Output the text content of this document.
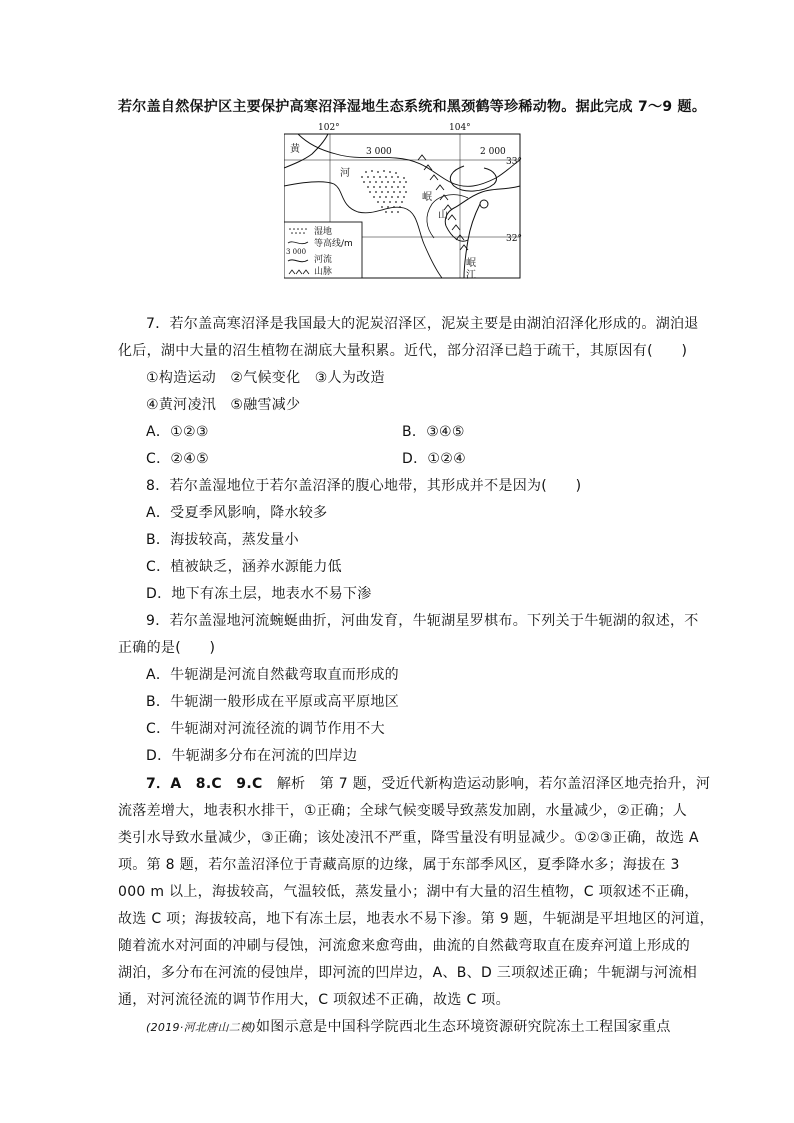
若尔盖自然保护区主要保护高寒沼泽湿地生态系统和黑颈鹤等珍稀动物。据此完成 7～9 题。
102°	104°
33°
32°
3 000	2 000
黄
河
岷
山
岷
江
湿地
等高线/m
3 000
河流
山脉
7．若尔盖高寒沼泽是我国最大的泥炭沼泽区，泥炭主要是由湖泊沼泽化形成的。湖泊退
化后，湖中大量的沼生植物在湖底大量积累。近代，部分沼泽已趋于疏干，其原因有(　　)
①构造运动　②气候变化　③人为改造
④黄河凌汛　⑤融雪减少
A．①②③	B．③④⑤
C．②④⑤	D．①②④
8．若尔盖湿地位于若尔盖沼泽的腹心地带，其形成并不是因为(　　)
A．受夏季风影响，降水较多
B．海拔较高，蒸发量小
C．植被缺乏，涵养水源能力低
D．地下有冻土层，地表水不易下渗
9．若尔盖湿地河流蜿蜒曲折，河曲发育，牛轭湖星罗棋布。下列关于牛轭湖的叙述，不
正确的是(　　)
A．牛轭湖是河流自然截弯取直而形成的
B．牛轭湖一般形成在平原或高平原地区
C．牛轭湖对河流径流的调节作用不大
D．牛轭湖多分布在河流的凹岸边
7．A　8.C　9.C　解析　第 7 题，受近代新构造运动影响，若尔盖沼泽区地壳抬升，河
流落差增大，地表积水排干，①正确；全球气候变暖导致蒸发加剧，水量减少，②正确；人
类引水导致水量减少，③正确；该处凌汛不严重，降雪量没有明显减少。①②③正确，故选 A
项。第 8 题，若尔盖沼泽位于青藏高原的边缘，属于东部季风区，夏季降水多；海拔在 3
000 m 以上，海拔较高，气温较低，蒸发量小；湖中有大量的沼生植物，C 项叙述不正确，
故选 C 项；海拔较高，地下有冻土层，地表水不易下渗。第 9 题，牛轭湖是平坦地区的河道，
随着流水对河面的冲刷与侵蚀，河流愈来愈弯曲，曲流的自然截弯取直在废弃河道上形成的
湖泊，多分布在河流的侵蚀岸，即河流的凹岸边，A、B、D 三项叙述正确；牛轭湖与河流相
通，对河流径流的调节作用大，C 项叙述不正确，故选 C 项。
(2019·河北唐山二模)如图示意是中国科学院西北生态环境资源研究院冻土工程国家重点
